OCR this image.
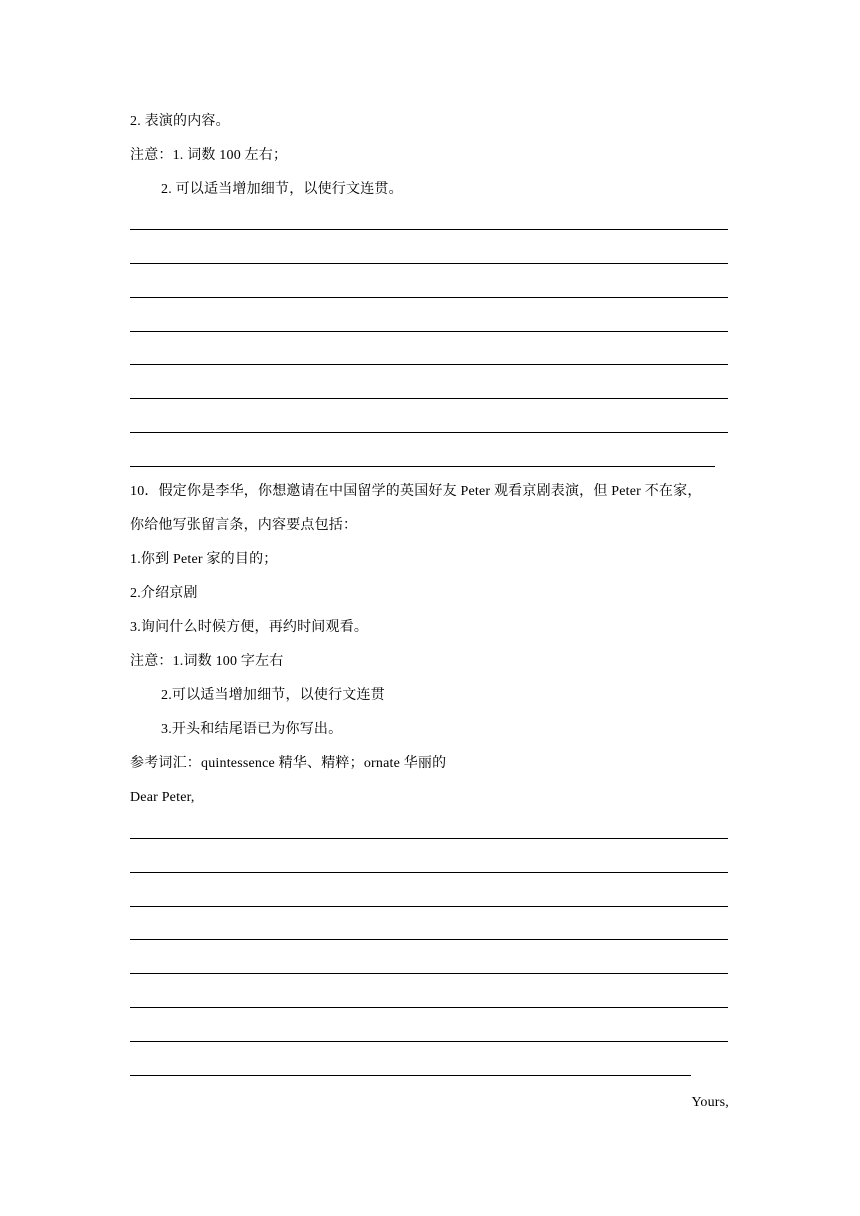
2. 表演的内容。
注意：1. 词数 100 左右；
2. 可以适当增加细节，以使行文连贯。
10．假定你是李华，你想邀请在中国留学的英国好友 Peter 观看京剧表演，但 Peter 不在家，
你给他写张留言条，内容要点包括：
1.你到 Peter 家的目的；
2.介绍京剧
3.询问什么时候方便，再约时间观看。
注意：1.词数 100 字左右
2.可以适当增加细节，以使行文连贯
3.开头和结尾语已为你写出。
参考词汇：quintessence 精华、精粹；ornate 华丽的
Dear Peter,
Yours,
